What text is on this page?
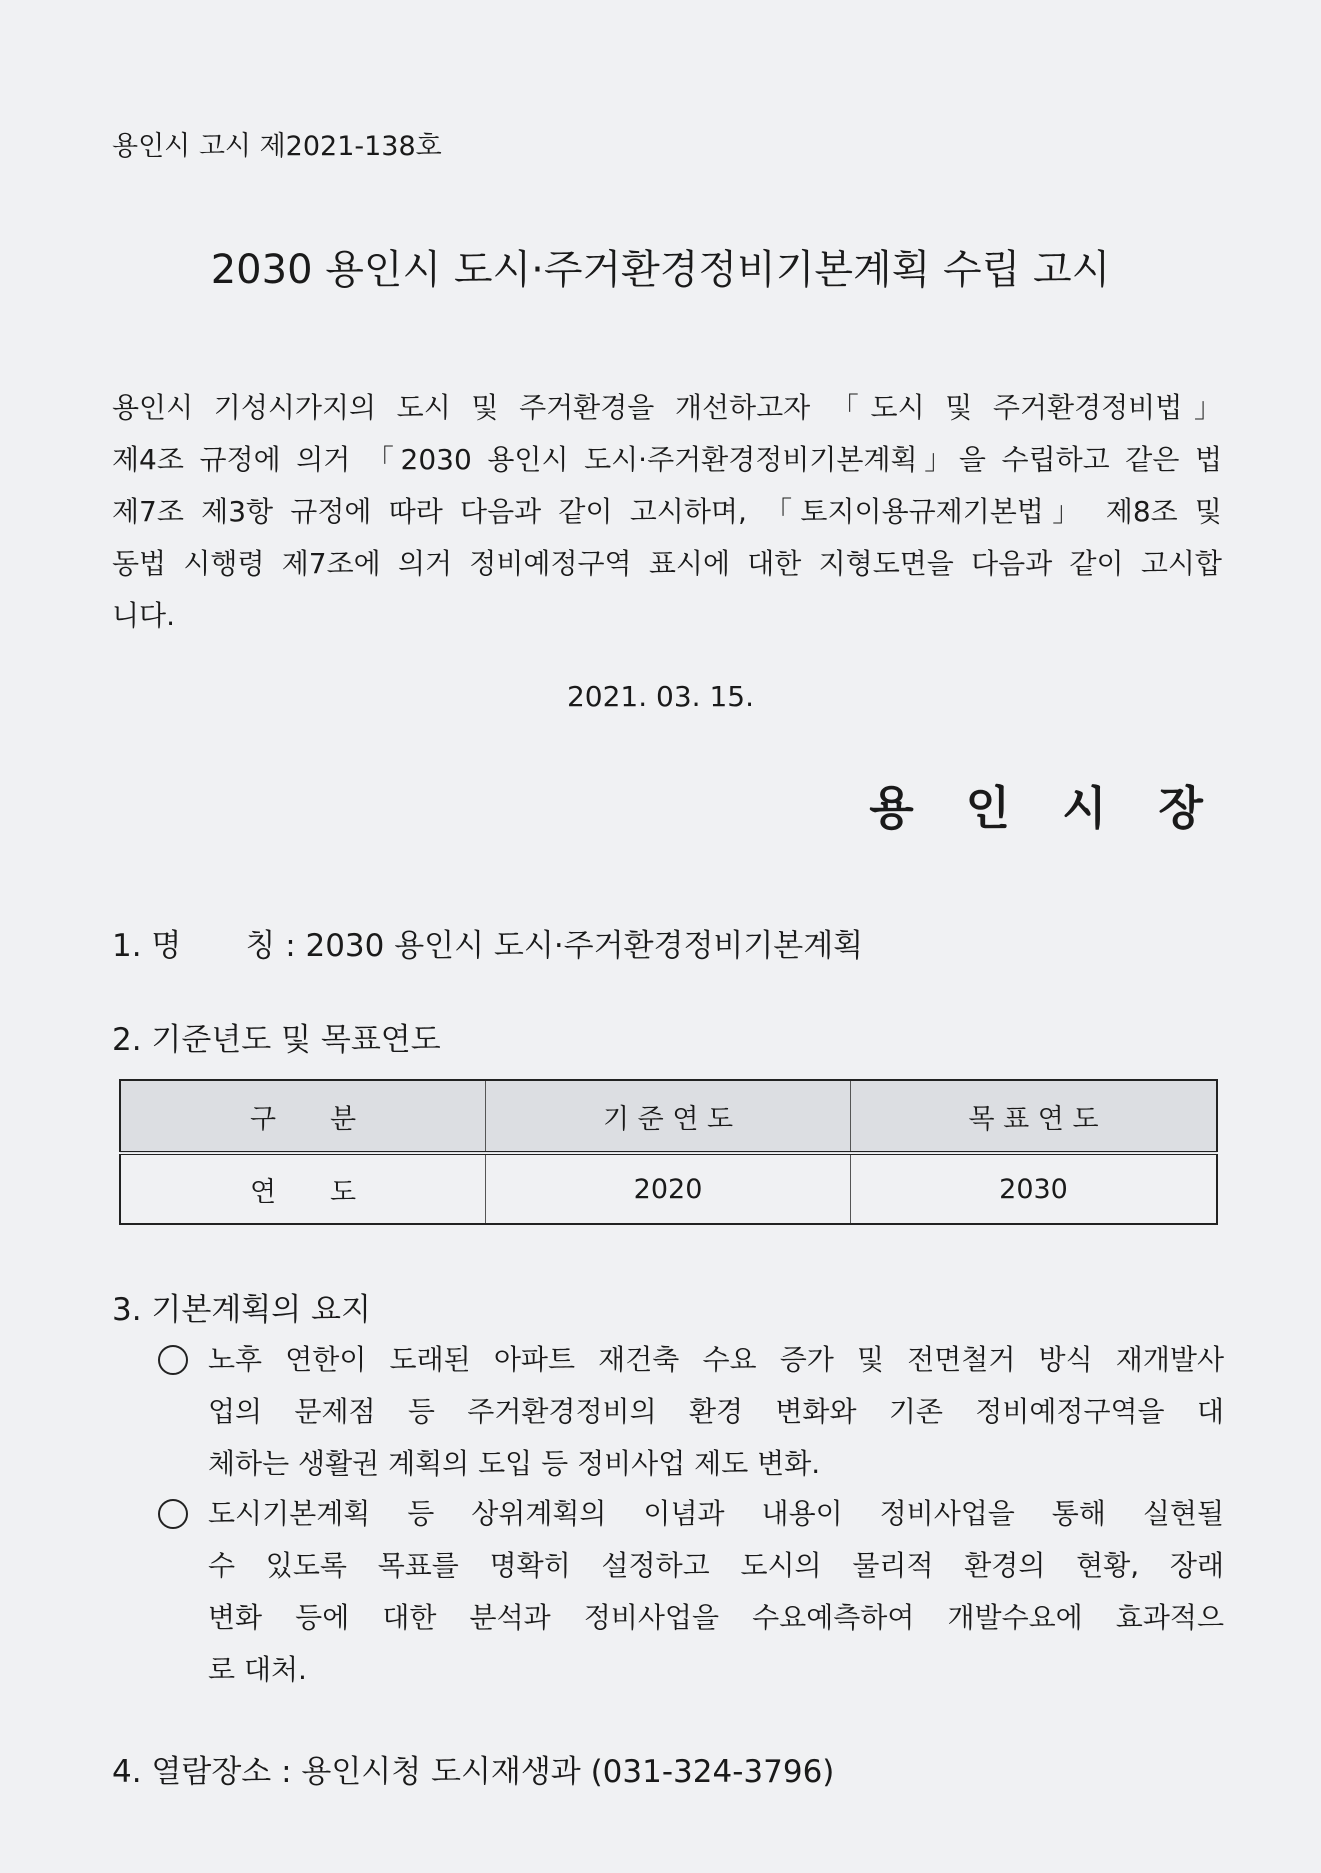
용인시 고시 제2021-138호
2030 용인시 도시·주거환경정비기본계획 수립 고시
용인시 기성시가지의 도시 및 주거환경을 개선하고자 「도시 및 주거환경정비법」
제4조 규정에 의거 「2030 용인시 도시·주거환경정비기본계획」을 수립하고 같은 법
제7조 제3항 규정에 따라 다음과 같이 고시하며, 「토지이용규제기본법」 제8조 및
동법 시행령 제7조에 의거 정비예정구역 표시에 대한 지형도면을 다음과 같이 고시합
니다.
2021. 03. 15.
용 인 시 장
1. 명 칭 : 2030 용인시 도시·주거환경정비기본계획
2. 기준년도 및 목표연도
구　　분	기 준 연 도	목 표 연 도
연　　도	2020	2030
3. 기본계획의 요지
노후 연한이 도래된 아파트 재건축 수요 증가 및 전면철거 방식 재개발사
업의 문제점 등 주거환경정비의 환경 변화와 기존 정비예정구역을 대
체하는 생활권 계획의 도입 등 정비사업 제도 변화.
도시기본계획 등 상위계획의 이념과 내용이 정비사업을 통해 실현될
수 있도록 목표를 명확히 설정하고 도시의 물리적 환경의 현황, 장래
변화 등에 대한 분석과 정비사업을 수요예측하여 개발수요에 효과적으
로 대처.
4. 열람장소 : 용인시청 도시재생과 (031-324-3796)
